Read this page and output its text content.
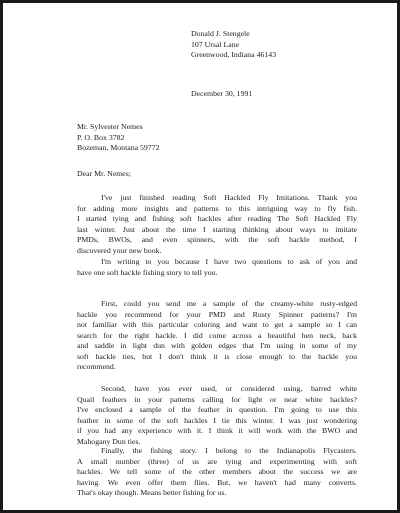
Donald J. Stengele
107 Ursal Lane
Greenwood, Indiana 46143
December 30, 1991
Mr. Sylvester Nemes
P. O. Box 3782
Bozeman, Montana 59772
Dear Mr. Nemes;
I've just finished reading Soft Hackled Fly Imitations. Thank you
for adding more insights and patterns to this intriguing way to fly fish.
I started tying and fishing soft hackles after reading The Soft Hackled Fly
last winter. Just about the time I starting thinking about ways to imitate
PMDs, BWOs, and even spinners, with the soft hackle method, I
discovered your new book.
I'm writing to you because I have two questions to ask of you and
have one soft hackle fishing story to tell you.
First, could you send me a sample of the creamy-white rusty-edged
hackle you recommend for your PMD and Rusty Spinner patterns? I'm
not familiar with this particular coloring and want to get a sample so I can
search for the right hackle. I did come across a beautiful hen neck, back
and saddle in light dun with golden edges that I'm using in some of my
soft hackle ties, but I don't think it is close enough to the hackle you
recommend.
Second, have you ever used, or considered using, barred white
Quail feathers in your patterns calling for light or near white hackles?
I've enclosed a sample of the feather in question. I'm going to use this
feather in some of the soft hackles I tie this winter. I was just wondering
if you had any experience with it. I think it will work with the BWO and
Mahogany Dun ties.
Finally, the fishing story. I belong to the Indianapolis Flycasters.
A small number (three) of us are tying and experimenting with soft
hackles. We tell some of the other members about the success we are
having. We even offer them flies. But, we haven't had many converts.
That's okay though. Means better fishing for us.
